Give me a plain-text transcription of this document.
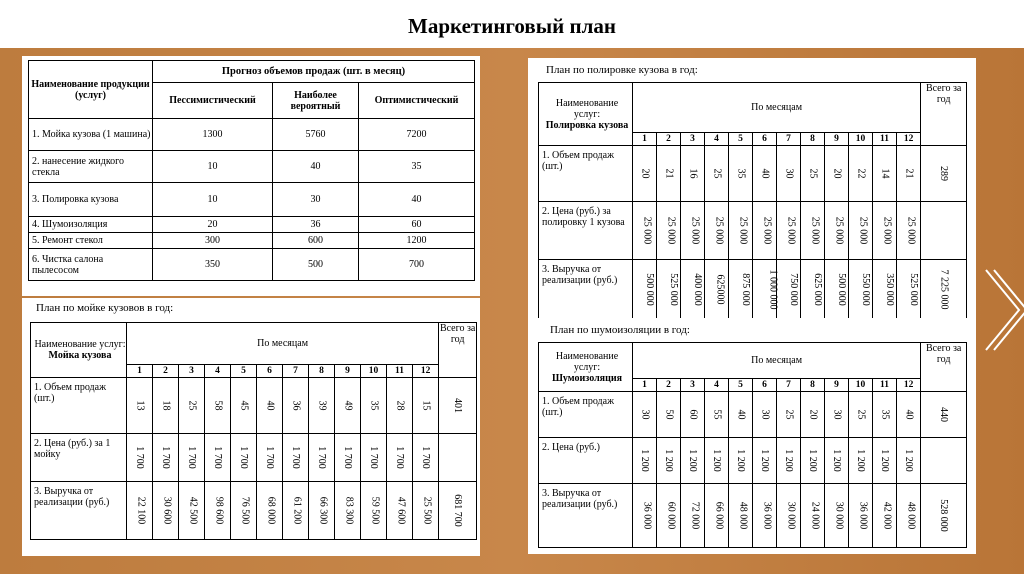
Маркетинговый план
Наименование продукции (услуг)	Прогноз объемов продаж (шт. в месяц)		
	Пессимистический	Наиболее вероятный	Оптимистический
1. Мойка кузова (1 машина)	1300	5760	7200
2. нанесение жидкого стекла	10	40	35
3. Полировка кузова	10	30	40
4. Шумоизоляция	20	36	60
5. Ремонт стекол	300	600	1200
6. Чистка салона пылесосом	350	500	700
План по мойке кузовов в год:
Наименование услуг:
Мойка кузова	По месяцам												Всего за год
	1	2	3	4	5	6	7	8	9	10	11	12	
1. Объем продаж (шт.)	13	18	25	58	45	40	36	39	49	35	28	15	401
2. Цена (руб.) за 1 мойку	1 700	1 700	1 700	1 700	1 700	1 700	1 700	1 700	1 700	1 700	1 700	1 700	
3. Выручка от реализации (руб.)	22 100	30 600	42 500	98 600	76 500	68 000	61 200	66 300	83 300	59 500	47 600	25 500	681 700
План по полировке кузова в год:
Наименование услуг:
Полировка кузова	По месяцам												Всего за год
	1	2	3	4	5	6	7	8	9	10	11	12	
1. Объем продаж (шт.)	20	21	16	25	35	40	30	25	20	22	14	21	289
2. Цена (руб.) за полировку 1 кузова	25 000	25 000	25 000	25 000	25 000	25 000	25 000	25 000	25 000	25 000	25 000	25 000	
3. Выручка от реализации (руб.)	500 000	525 000	400 000	625000	875 000	1 000 000	750 000	625 000	500 000	550 000	350 000	525 000	7 225 000
План по шумоизоляции в год:
Наименование услуг:
Шумоизоляция	По месяцам												Всего за год
	1	2	3	4	5	6	7	8	9	10	11	12	
1. Объем продаж (шт.)	30	50	60	55	40	30	25	20	30	25	35	40	440
2. Цена (руб.)	1 200	1 200	1 200	1 200	1 200	1 200	1 200	1 200	1 200	1 200	1 200	1 200	
3. Выручка от реализации (руб.)	36 000	60 000	72 000	66 000	48 000	36 000	30 000	24 000	30 000	36 000	42 000	48 000	528 000
